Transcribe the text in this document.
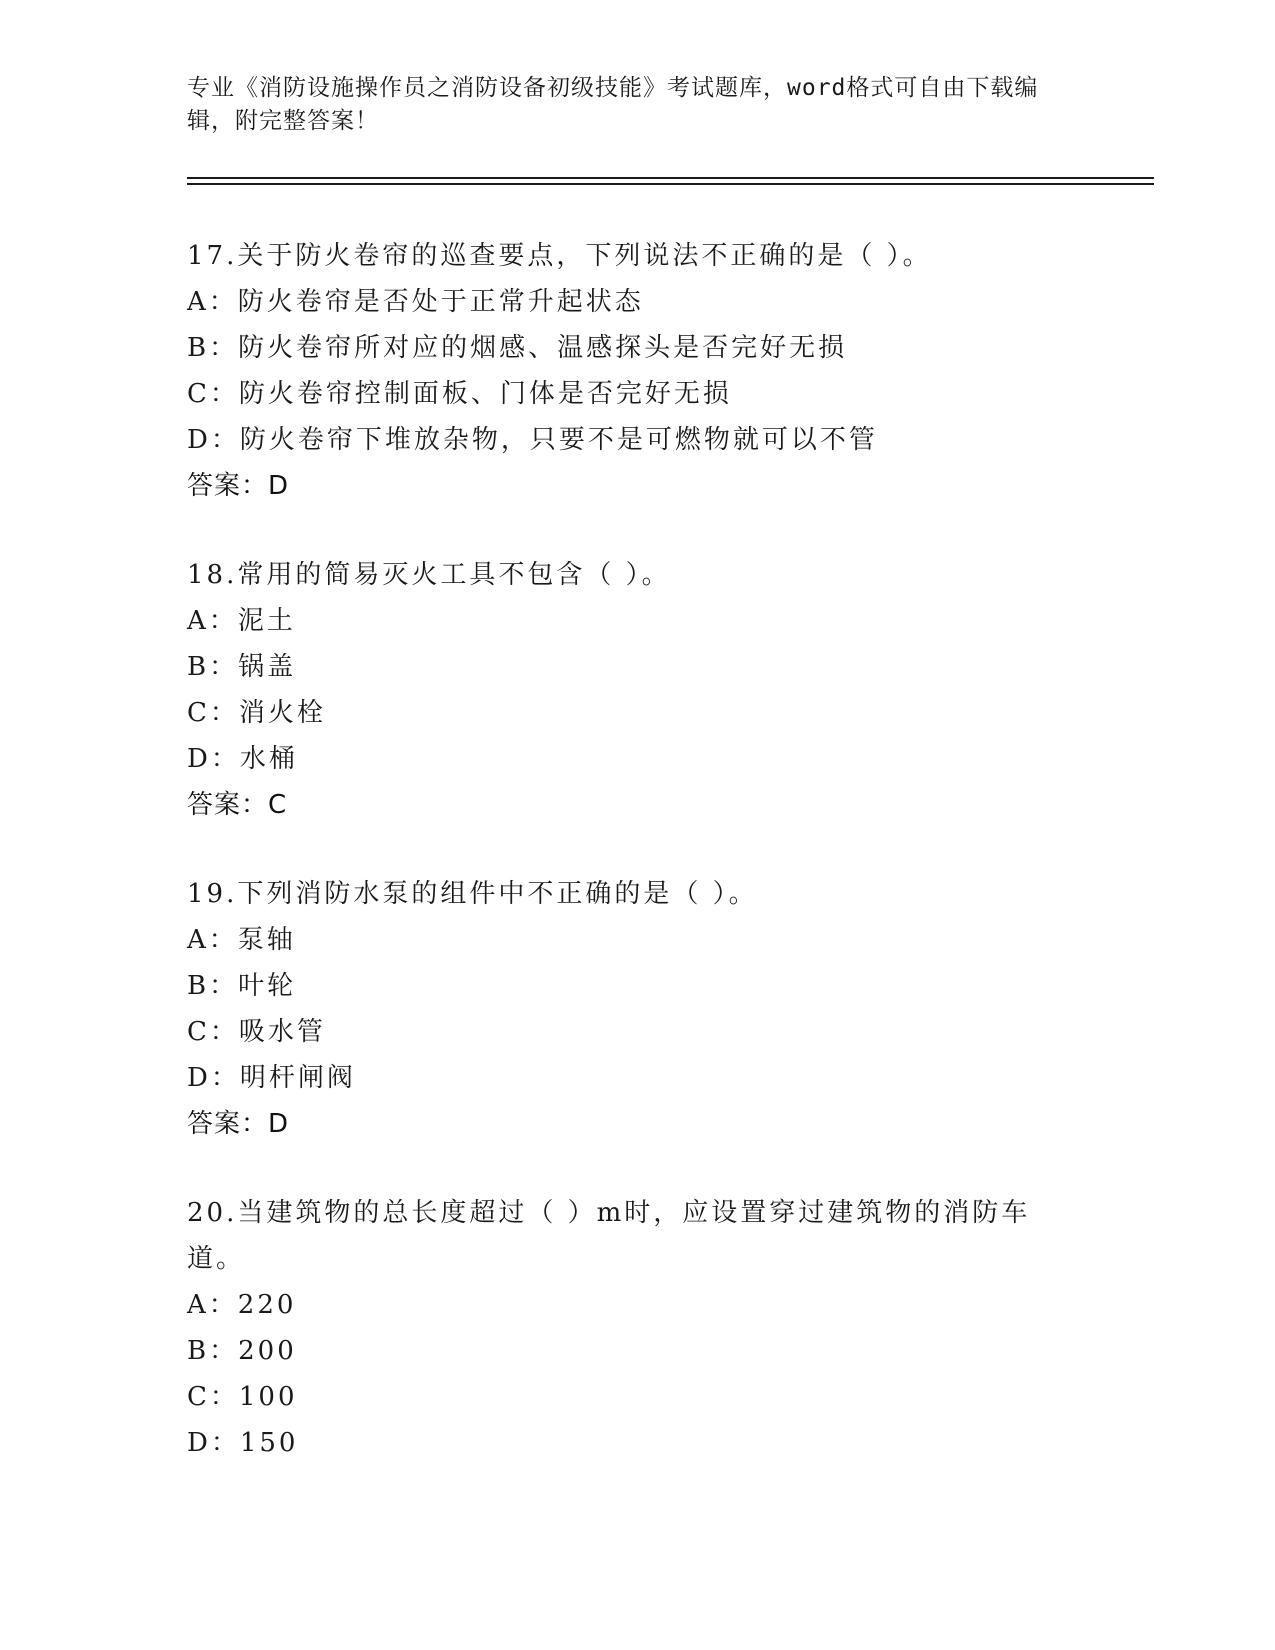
专业《消防设施操作员之消防设备初级技能》考试题库，word格式可自由下载编辑，附完整答案！
17.关于防火卷帘的巡查要点，下列说法不正确的是（ ）。
A：防火卷帘是否处于正常升起状态
B：防火卷帘所对应的烟感、温感探头是否完好无损
C：防火卷帘控制面板、门体是否完好无损
D：防火卷帘下堆放杂物，只要不是可燃物就可以不管
答案：D
18.常用的简易灭火工具不包含（ ）。
A：泥土
B：锅盖
C：消火栓
D：水桶
答案：C
19.下列消防水泵的组件中不正确的是（ ）。
A：泵轴
B：叶轮
C：吸水管
D：明杆闸阀
答案：D
20.当建筑物的总长度超过（ ）m时，应设置穿过建筑物的消防车道。
A：220
B：200
C：100
D：150
